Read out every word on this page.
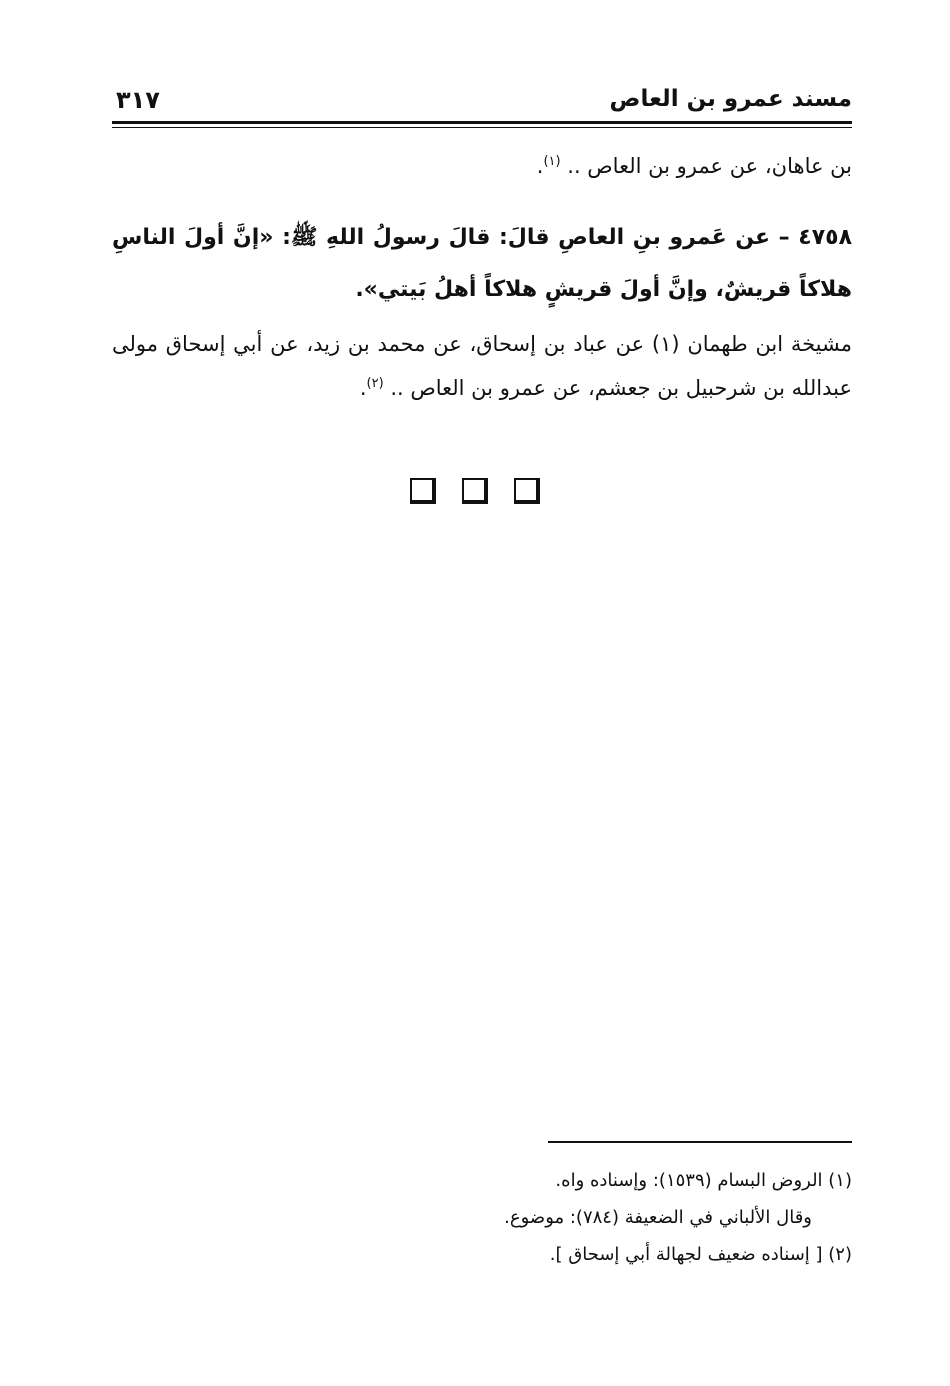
مسند عمرو بن العاص
٣١٧
بن عاهان، عن عمرو بن العاص .. $^{(١)}$.
٤٧٥٨ – عن عَمرو بنِ العاصِ قالَ: قالَ رسولُ اللهِ ﷺ: «إنَّ أولَ الناسِ هلاكاً قريشٌ، وإنَّ أولَ قريشٍ هلاكاً أهلُ بَيتي».
مشيخة ابن طهمان (١) عن عباد بن إسحاق، عن محمد بن زيد، عن أبي إسحاق مولى عبدالله بن شرحبيل بن جعشم، عن عمرو بن العاص .. $^{(٢)}$.
(١) الروض البسام (١٥٣٩): وإسناده واه.
وقال الألباني في الضعيفة (٧٨٤): موضوع.
(٢) [ إسناده ضعيف لجهالة أبي إسحاق ].
